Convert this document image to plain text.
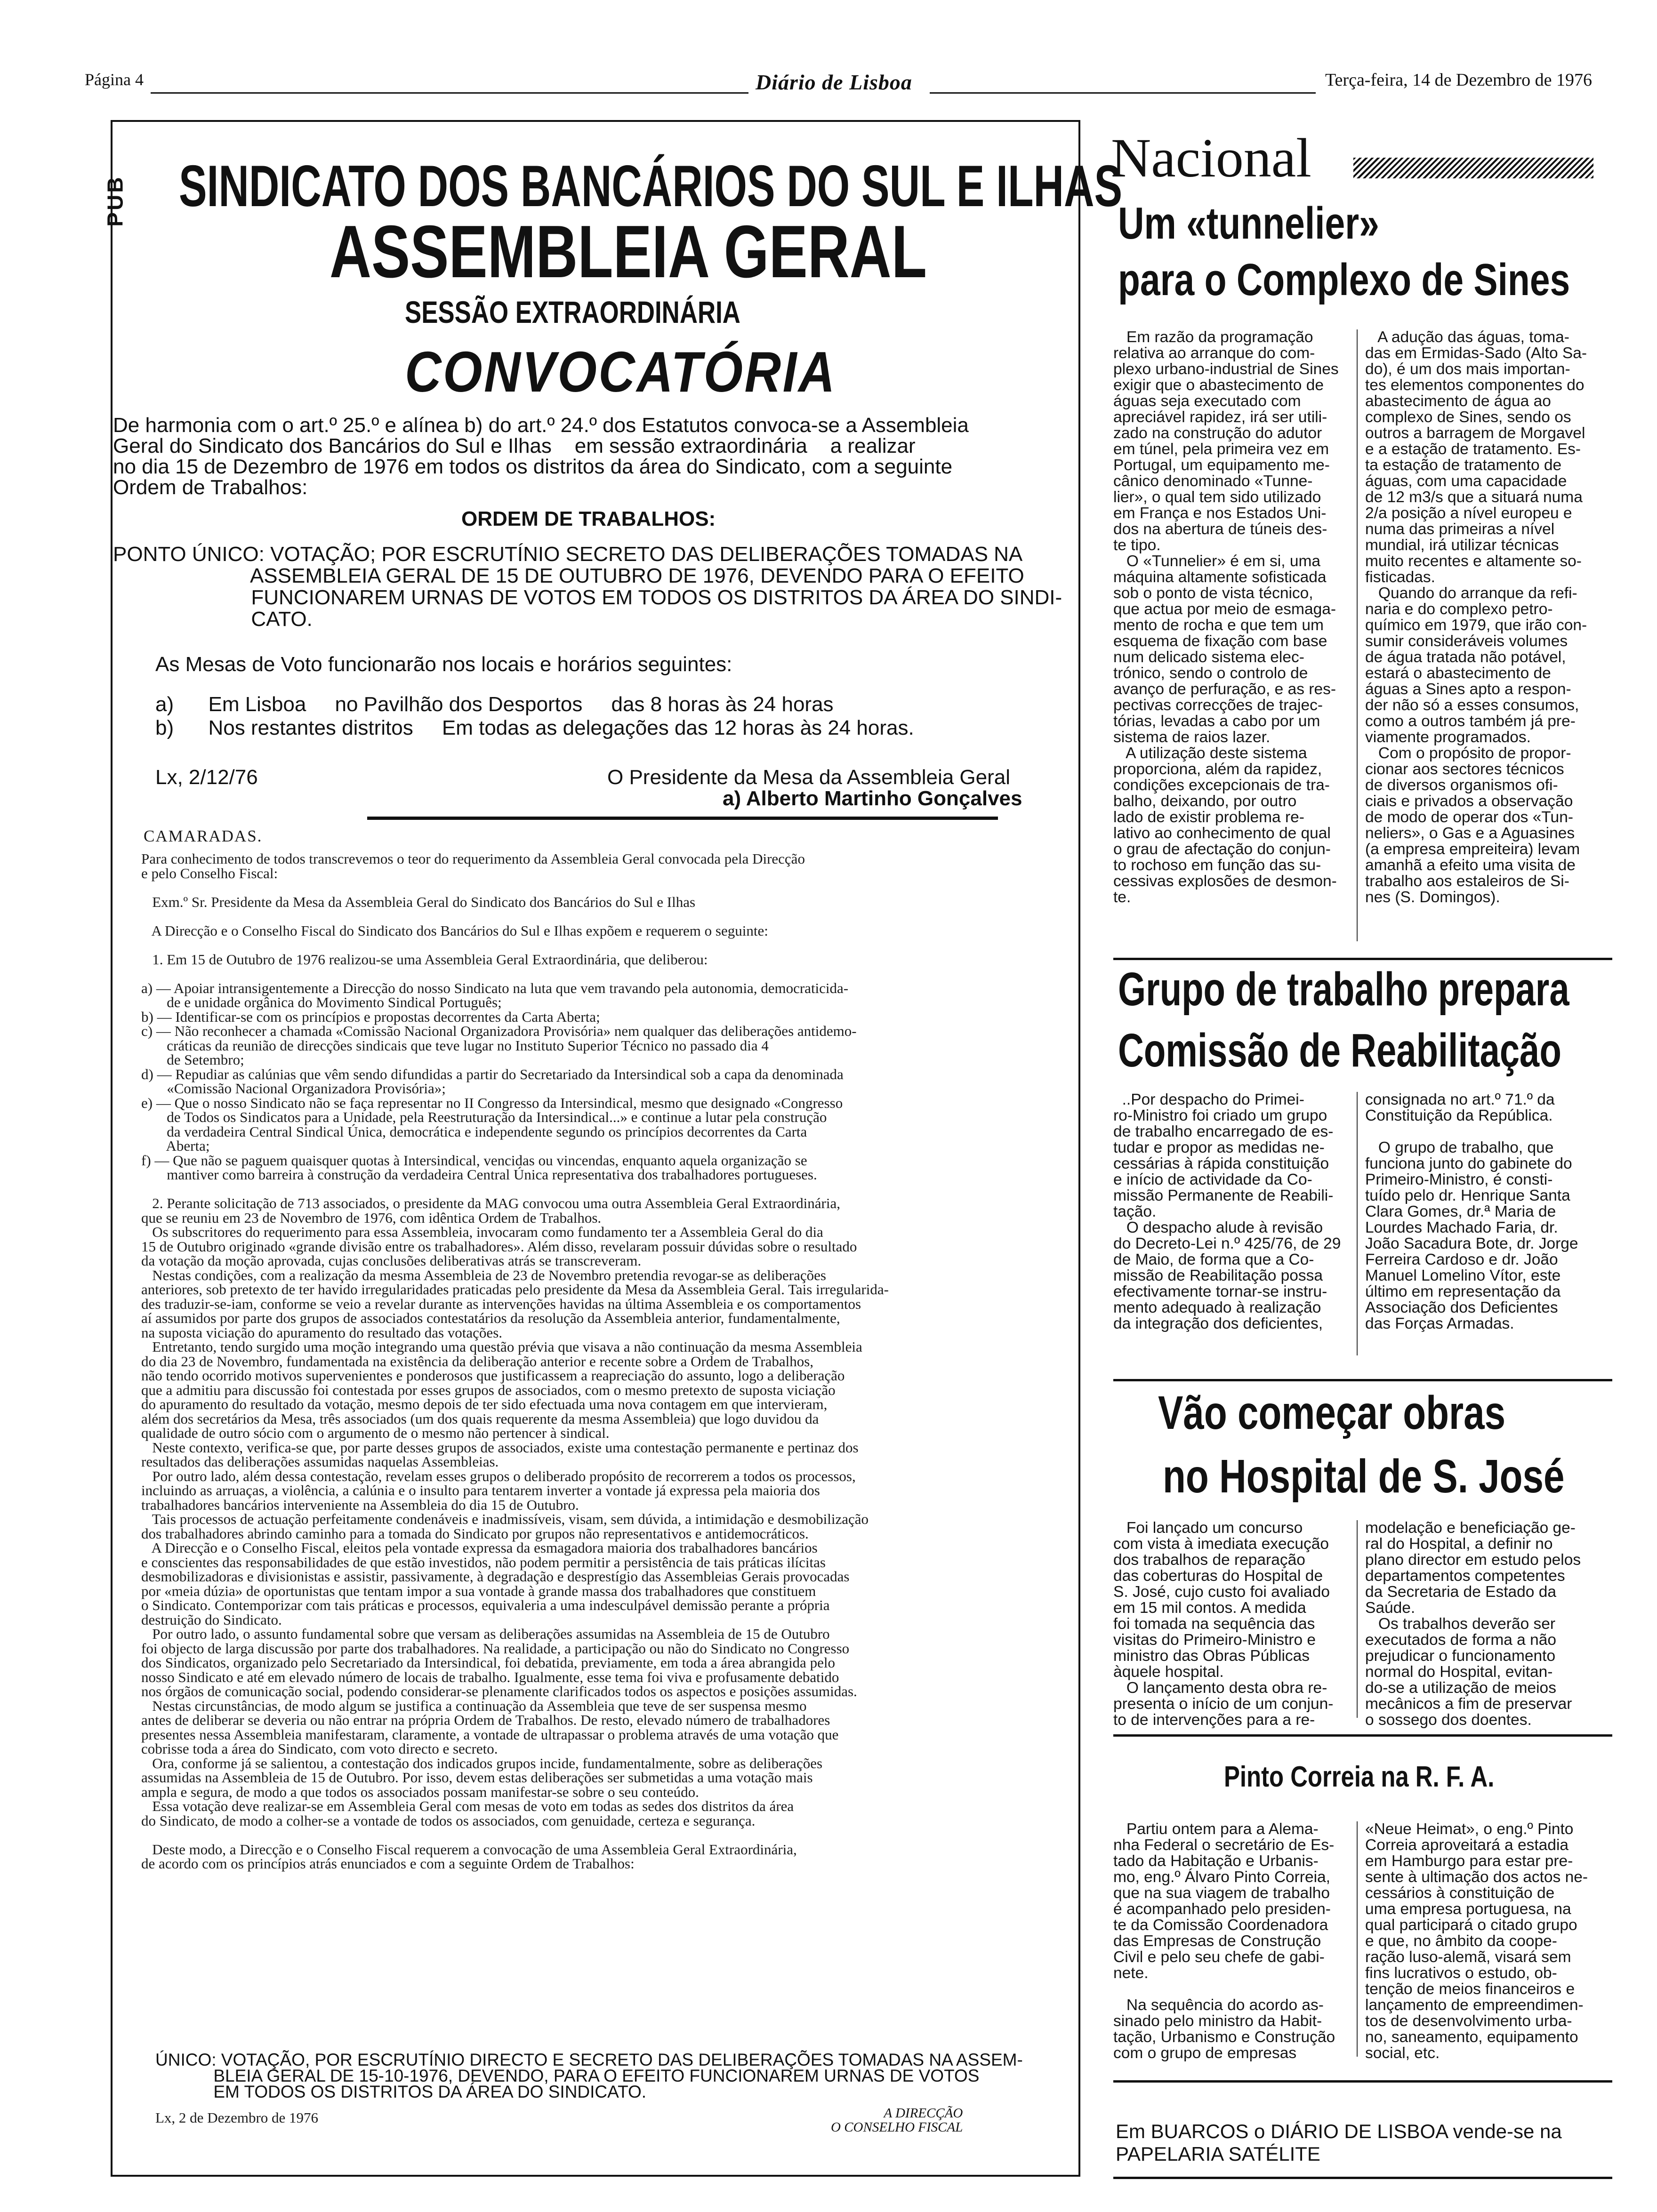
Página 4	Diário de Lisboa	Terça-feira, 14 de Dezembro de 1976
PUB SINDICATO DOS BANCÁRIOS DO SUL E ILHAS
ASSEMBLEIA GERAL
SESSÃO EXTRAORDINÁRIA
CONVOCATÓRIA
De harmonia com o art.º 25.º e alínea b) do art.º 24.º dos Estatutos convoca-se a Assembleia
Geral do Sindicato dos Bancários do Sul e Ilhas    em sessão extraordinária    a realizar
no dia 15 de Dezembro de 1976 em todos os distritos da área do Sindicato, com a seguinte
Ordem de Trabalhos:
ORDEM DE TRABALHOS:
PONTO ÚNICO: VOTAÇÃO; POR ESCRUTÍNIO SECRETO DAS DELIBERAÇÕES TOMADAS NA
ASSEMBLEIA GERAL DE 15 DE OUTUBRO DE 1976, DEVENDO PARA O EFEITO
FUNCIONAREM URNAS DE VOTOS EM TODOS OS DISTRITOS DA ÁREA DO SINDI-
CATO.
As Mesas de Voto funcionarão nos locais e horários seguintes:
a)      Em Lisboa     no Pavilhão dos Desportos     das 8 horas às 24 horas
b)      Nos restantes distritos     Em todas as delegações das 12 horas às 24 horas.
Lx, 2/12/76	O Presidente da Mesa da Assembleia Geral
a) Alberto Martinho Gonçalves
CAMARADAS.
Para conhecimento de todos transcrevemos o teor do requerimento da Assembleia Geral convocada pela Direcção
e pelo Conselho Fiscal:

Exm.º Sr. Presidente da Mesa da Assembleia Geral do Sindicato dos Bancários do Sul e Ilhas

A Direcção e o Conselho Fiscal do Sindicato dos Bancários do Sul e Ilhas expõem e requerem o seguinte:

1. Em 15 de Outubro de 1976 realizou-se uma Assembleia Geral Extraordinária, que deliberou:

a) — Apoiar intransigentemente a Direcção do nosso Sindicato na luta que vem travando pela autonomia, democraticida-
de e unidade orgânica do Movimento Sindical Português;
b) — Identificar-se com os princípios e propostas decorrentes da Carta Aberta;
c) — Não reconhecer a chamada «Comissão Nacional Organizadora Provisória» nem qualquer das deliberações antidemo-
cráticas da reunião de direcções sindicais que teve lugar no Instituto Superior Técnico no passado dia 4
de Setembro;
d) — Repudiar as calúnias que vêm sendo difundidas a partir do Secretariado da Intersindical sob a capa da denominada
«Comissão Nacional Organizadora Provisória»;
e) — Que o nosso Sindicato não se faça representar no II Congresso da Intersindical, mesmo que designado «Congresso
de Todos os Sindicatos para a Unidade, pela Reestruturação da Intersindical...» e continue a lutar pela construção
da verdadeira Central Sindical Única, democrática e independente segundo os princípios decorrentes da Carta
Aberta;
f) — Que não se paguem quaisquer quotas à Intersindical, vencidas ou vincendas, enquanto aquela organização se
mantiver como barreira à construção da verdadeira Central Única representativa dos trabalhadores portugueses.

2. Perante solicitação de 713 associados, o presidente da MAG convocou uma outra Assembleia Geral Extraordinária,
que se reuniu em 23 de Novembro de 1976, com idêntica Ordem de Trabalhos.
Os subscritores do requerimento para essa Assembleia, invocaram como fundamento ter a Assembleia Geral do dia
15 de Outubro originado «grande divisão entre os trabalhadores». Além disso, revelaram possuir dúvidas sobre o resultado
da votação da moção aprovada, cujas conclusões deliberativas atrás se transcreveram.
Nestas condições, com a realização da mesma Assembleia de 23 de Novembro pretendia revogar-se as deliberações
anteriores, sob pretexto de ter havido irregularidades praticadas pelo presidente da Mesa da Assembleia Geral. Tais irregularida-
des traduzir-se-iam, conforme se veio a revelar durante as intervenções havidas na última Assembleia e os comportamentos
aí assumidos por parte dos grupos de associados contestatários da resolução da Assembleia anterior, fundamentalmente,
na suposta viciação do apuramento do resultado das votações.
Entretanto, tendo surgido uma moção integrando uma questão prévia que visava a não continuação da mesma Assembleia
do dia 23 de Novembro, fundamentada na existência da deliberação anterior e recente sobre a Ordem de Trabalhos,
não tendo ocorrido motivos supervenientes e ponderosos que justificassem a reapreciação do assunto, logo a deliberação
que a admitiu para discussão foi contestada por esses grupos de associados, com o mesmo pretexto de suposta viciação
do apuramento do resultado da votação, mesmo depois de ter sido efectuada uma nova contagem em que intervieram,
além dos secretários da Mesa, três associados (um dos quais requerente da mesma Assembleia) que logo duvidou da
qualidade de outro sócio com o argumento de o mesmo não pertencer à sindical.
Neste contexto, verifica-se que, por parte desses grupos de associados, existe uma contestação permanente e pertinaz dos
resultados das deliberações assumidas naquelas Assembleias.
Por outro lado, além dessa contestação, revelam esses grupos o deliberado propósito de recorrerem a todos os processos,
incluindo as arruaças, a violência, a calúnia e o insulto para tentarem inverter a vontade já expressa pela maioria dos
trabalhadores bancários interveniente na Assembleia do dia 15 de Outubro.
Tais processos de actuação perfeitamente condenáveis e inadmissíveis, visam, sem dúvida, a intimidação e desmobilização
dos trabalhadores abrindo caminho para a tomada do Sindicato por grupos não representativos e antidemocráticos.
A Direcção e o Conselho Fiscal, eleitos pela vontade expressa da esmagadora maioria dos trabalhadores bancários
e conscientes das responsabilidades de que estão investidos, não podem permitir a persistência de tais práticas ilícitas
desmobilizadoras e divisionistas e assistir, passivamente, à degradação e desprestígio das Assembleias Gerais provocadas
por «meia dúzia» de oportunistas que tentam impor a sua vontade à grande massa dos trabalhadores que constituem
o Sindicato. Contemporizar com tais práticas e processos, equivaleria a uma indesculpável demissão perante a própria
destruição do Sindicato.
Por outro lado, o assunto fundamental sobre que versam as deliberações assumidas na Assembleia de 15 de Outubro
foi objecto de larga discussão por parte dos trabalhadores. Na realidade, a participação ou não do Sindicato no Congresso
dos Sindicatos, organizado pelo Secretariado da Intersindical, foi debatida, previamente, em toda a área abrangida pelo
nosso Sindicato e até em elevado número de locais de trabalho. Igualmente, esse tema foi viva e profusamente debatido
nos órgãos de comunicação social, podendo considerar-se plenamente clarificados todos os aspectos e posições assumidas.
Nestas circunstâncias, de modo algum se justifica a continuação da Assembleia que teve de ser suspensa mesmo
antes de deliberar se deveria ou não entrar na própria Ordem de Trabalhos. De resto, elevado número de trabalhadores
presentes nessa Assembleia manifestaram, claramente, a vontade de ultrapassar o problema através de uma votação que
cobrisse toda a área do Sindicato, com voto directo e secreto.
Ora, conforme já se salientou, a contestação dos indicados grupos incide, fundamentalmente, sobre as deliberações
assumidas na Assembleia de 15 de Outubro. Por isso, devem estas deliberações ser submetidas a uma votação mais
ampla e segura, de modo a que todos os associados possam manifestar-se sobre o seu conteúdo.
Essa votação deve realizar-se em Assembleia Geral com mesas de voto em todas as sedes dos distritos da área
do Sindicato, de modo a colher-se a vontade de todos os associados, com genuidade, certeza e segurança.

Deste modo, a Direcção e o Conselho Fiscal requerem a convocação de uma Assembleia Geral Extraordinária,
de acordo com os princípios atrás enunciados e com a seguinte Ordem de Trabalhos:
ÚNICO: VOTAÇÃO, POR ESCRUTÍNIO DIRECTO E SECRETO DAS DELIBERAÇÕES TOMADAS NA ASSEM-
BLEIA GERAL DE 15-10-1976, DEVENDO, PARA O EFEITO FUNCIONAREM URNAS DE VOTOS
EM TODOS OS DISTRITOS DA ÁREA DO SINDICATO.
Lx, 2 de Dezembro de 1976	A DIRECÇÃO
O CONSELHO FISCAL
Nacional
Um «tunnelier»
para o Complexo de Sines
Em razão da programação
relativa ao arranque do com-
plexo urbano-industrial de Sines
exigir que o abastecimento de
águas seja executado com
apreciável rapidez, irá ser utili-
zado na construção do adutor
em túnel, pela primeira vez em
Portugal, um equipamento me-
cânico denominado «Tunne-
lier», o qual tem sido utilizado
em França e nos Estados Uni-
dos na abertura de túneis des-
te tipo.
O «Tunnelier» é em si, uma
máquina altamente sofisticada
sob o ponto de vista técnico,
que actua por meio de esmaga-
mento de rocha e que tem um
esquema de fixação com base
num delicado sistema elec-
trónico, sendo o controlo de
avanço de perfuração, e as res-
pectivas correcções de trajec-
tórias, levadas a cabo por um
sistema de raios lazer.
A utilização deste sistema
proporciona, além da rapidez,
condições excepcionais de tra-
balho, deixando, por outro
lado de existir problema re-
lativo ao conhecimento de qual
o grau de afectação do conjun-
to rochoso em função das su-
cessivas explosões de desmon-
te.
A adução das águas, toma-
das em Ermidas-Sado (Alto Sa-
do), é um dos mais importan-
tes elementos componentes do
abastecimento de água ao
complexo de Sines, sendo os
outros a barragem de Morgavel
e a estação de tratamento. Es-
ta estação de tratamento de
águas, com uma capacidade
de 12 m3/s que a situará numa
2/a posição a nível europeu e
numa das primeiras a nível
mundial, irá utilizar técnicas
muito recentes e altamente so-
fisticadas.
Quando do arranque da refi-
naria e do complexo petro-
químico em 1979, que irão con-
sumir consideráveis volumes
de água tratada não potável,
estará o abastecimento de
águas a Sines apto a respon-
der não só a esses consumos,
como a outros também já pre-
viamente programados.
Com o propósito de propor-
cionar aos sectores técnicos
de diversos organismos ofi-
ciais e privados a observação
de modo de operar dos «Tun-
neliers», o Gas e a Aguasines
(a empresa empreiteira) levam
amanhã a efeito uma visita de
trabalho aos estaleiros de Si-
nes (S. Domingos).
Grupo de trabalho prepara
Comissão de Reabilitação
..Por despacho do Primei-
ro-Ministro foi criado um grupo
de trabalho encarregado de es-
tudar e propor as medidas ne-
cessárias à rápida constituição
e início de actividade da Co-
missão Permanente de Reabili-
tação.
O despacho alude à revisão
do Decreto-Lei n.º 425/76, de 29
de Maio, de forma que a Co-
missão de Reabilitação possa
efectivamente tornar-se instru-
mento adequado à realização
da integração dos deficientes,
consignada no art.º 71.º da
Constituição da República.

O grupo de trabalho, que
funciona junto do gabinete do
Primeiro-Ministro, é consti-
tuído pelo dr. Henrique Santa
Clara Gomes, dr.ª Maria de
Lourdes Machado Faria, dr.
João Sacadura Bote, dr. Jorge
Ferreira Cardoso e dr. João
Manuel Lomelino Vítor, este
último em representação da
Associação dos Deficientes
das Forças Armadas.
Vão começar obras
no Hospital de S. José
Foi lançado um concurso
com vista à imediata execução
dos trabalhos de reparação
das coberturas do Hospital de
S. José, cujo custo foi avaliado
em 15 mil contos. A medida
foi tomada na sequência das
visitas do Primeiro-Ministro e
ministro das Obras Públicas
àquele hospital.
O lançamento desta obra re-
presenta o início de um conjun-
to de intervenções para a re-
modelação e beneficiação ge-
ral do Hospital, a definir no
plano director em estudo pelos
departamentos competentes
da Secretaria de Estado da
Saúde.
Os trabalhos deverão ser
executados de forma a não
prejudicar o funcionamento
normal do Hospital, evitan-
do-se a utilização de meios
mecânicos a fim de preservar
o sossego dos doentes.
Pinto Correia na R. F. A.
Partiu ontem para a Alema-
nha Federal o secretário de Es-
tado da Habitação e Urbanis-
mo, eng.º Álvaro Pinto Correia,
que na sua viagem de trabalho
é acompanhado pelo presiden-
te da Comissão Coordenadora
das Empresas de Construção
Civil e pelo seu chefe de gabi-
nete.

Na sequência do acordo as-
sinado pelo ministro da Habit-
tação, Urbanismo e Construção
com o grupo de empresas
«Neue Heimat», o eng.º Pinto
Correia aproveitará a estadia
em Hamburgo para estar pre-
sente à ultimação dos actos ne-
cessários à constituição de
uma empresa portuguesa, na
qual participará o citado grupo
e que, no âmbito da coope-
ração luso-alemã, visará sem
fins lucrativos o estudo, ob-
tenção de meios financeiros e
lançamento de empreendimen-
tos de desenvolvimento urba-
no, saneamento, equipamento
social, etc.
Em BUARCOS o DIÁRIO DE LISBOA vende-se na
PAPELARIA SATÉLITE
